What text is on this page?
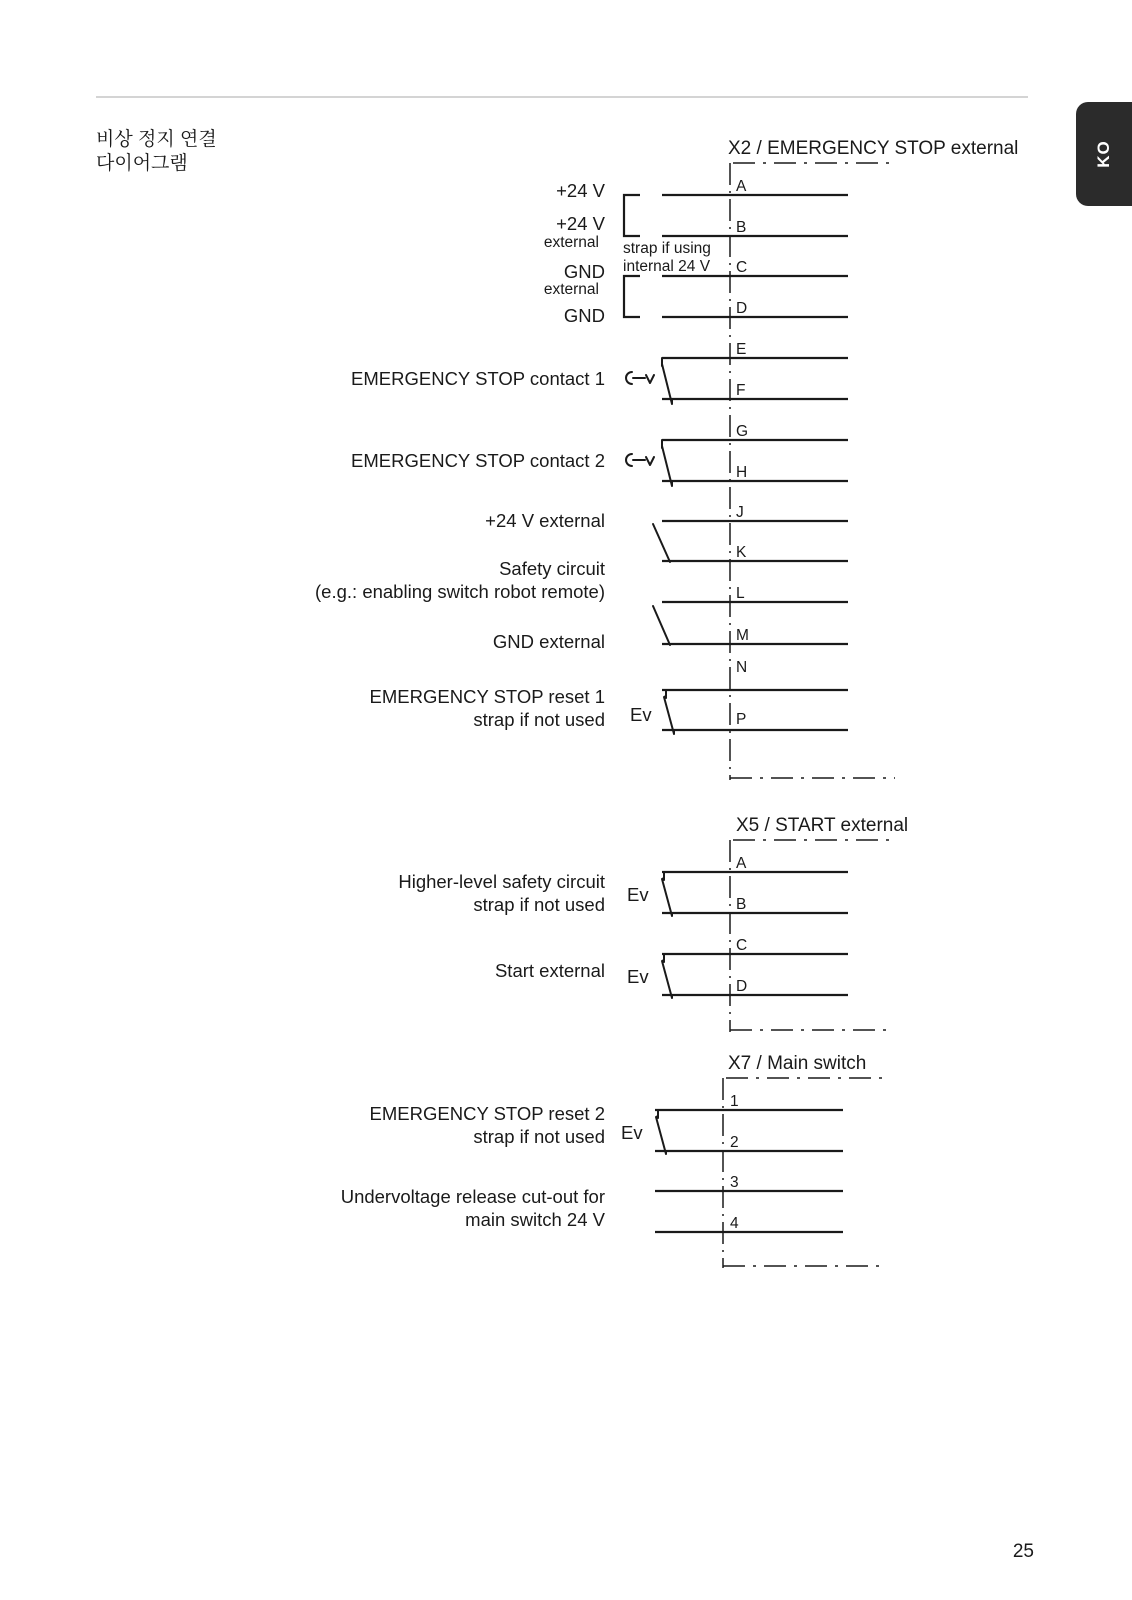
KO
비상 정지 연결
다이어그램
X2 / EMERGENCY STOP external
A
B
C
D
E
F
G
H
J
K
L
M
N
P
strap if using
internal 24 V
+24 V
+24 V
external
GND
external
GND
EMERGENCY STOP contact 1
EMERGENCY STOP contact 2
+24 V external
Safety circuit
(e.g.: enabling switch robot remote)
GND external
EMERGENCY STOP reset 1
strap if not used Ev
X5 / START external
A
B
C
D
Higher-level safety circuit
strap if not used
Start external
Ev
Ev
X7 / Main switch
1
2
3
4
EMERGENCY STOP reset 2
strap if not used
Undervoltage release cut-out for
main switch 24 V
Ev
25
